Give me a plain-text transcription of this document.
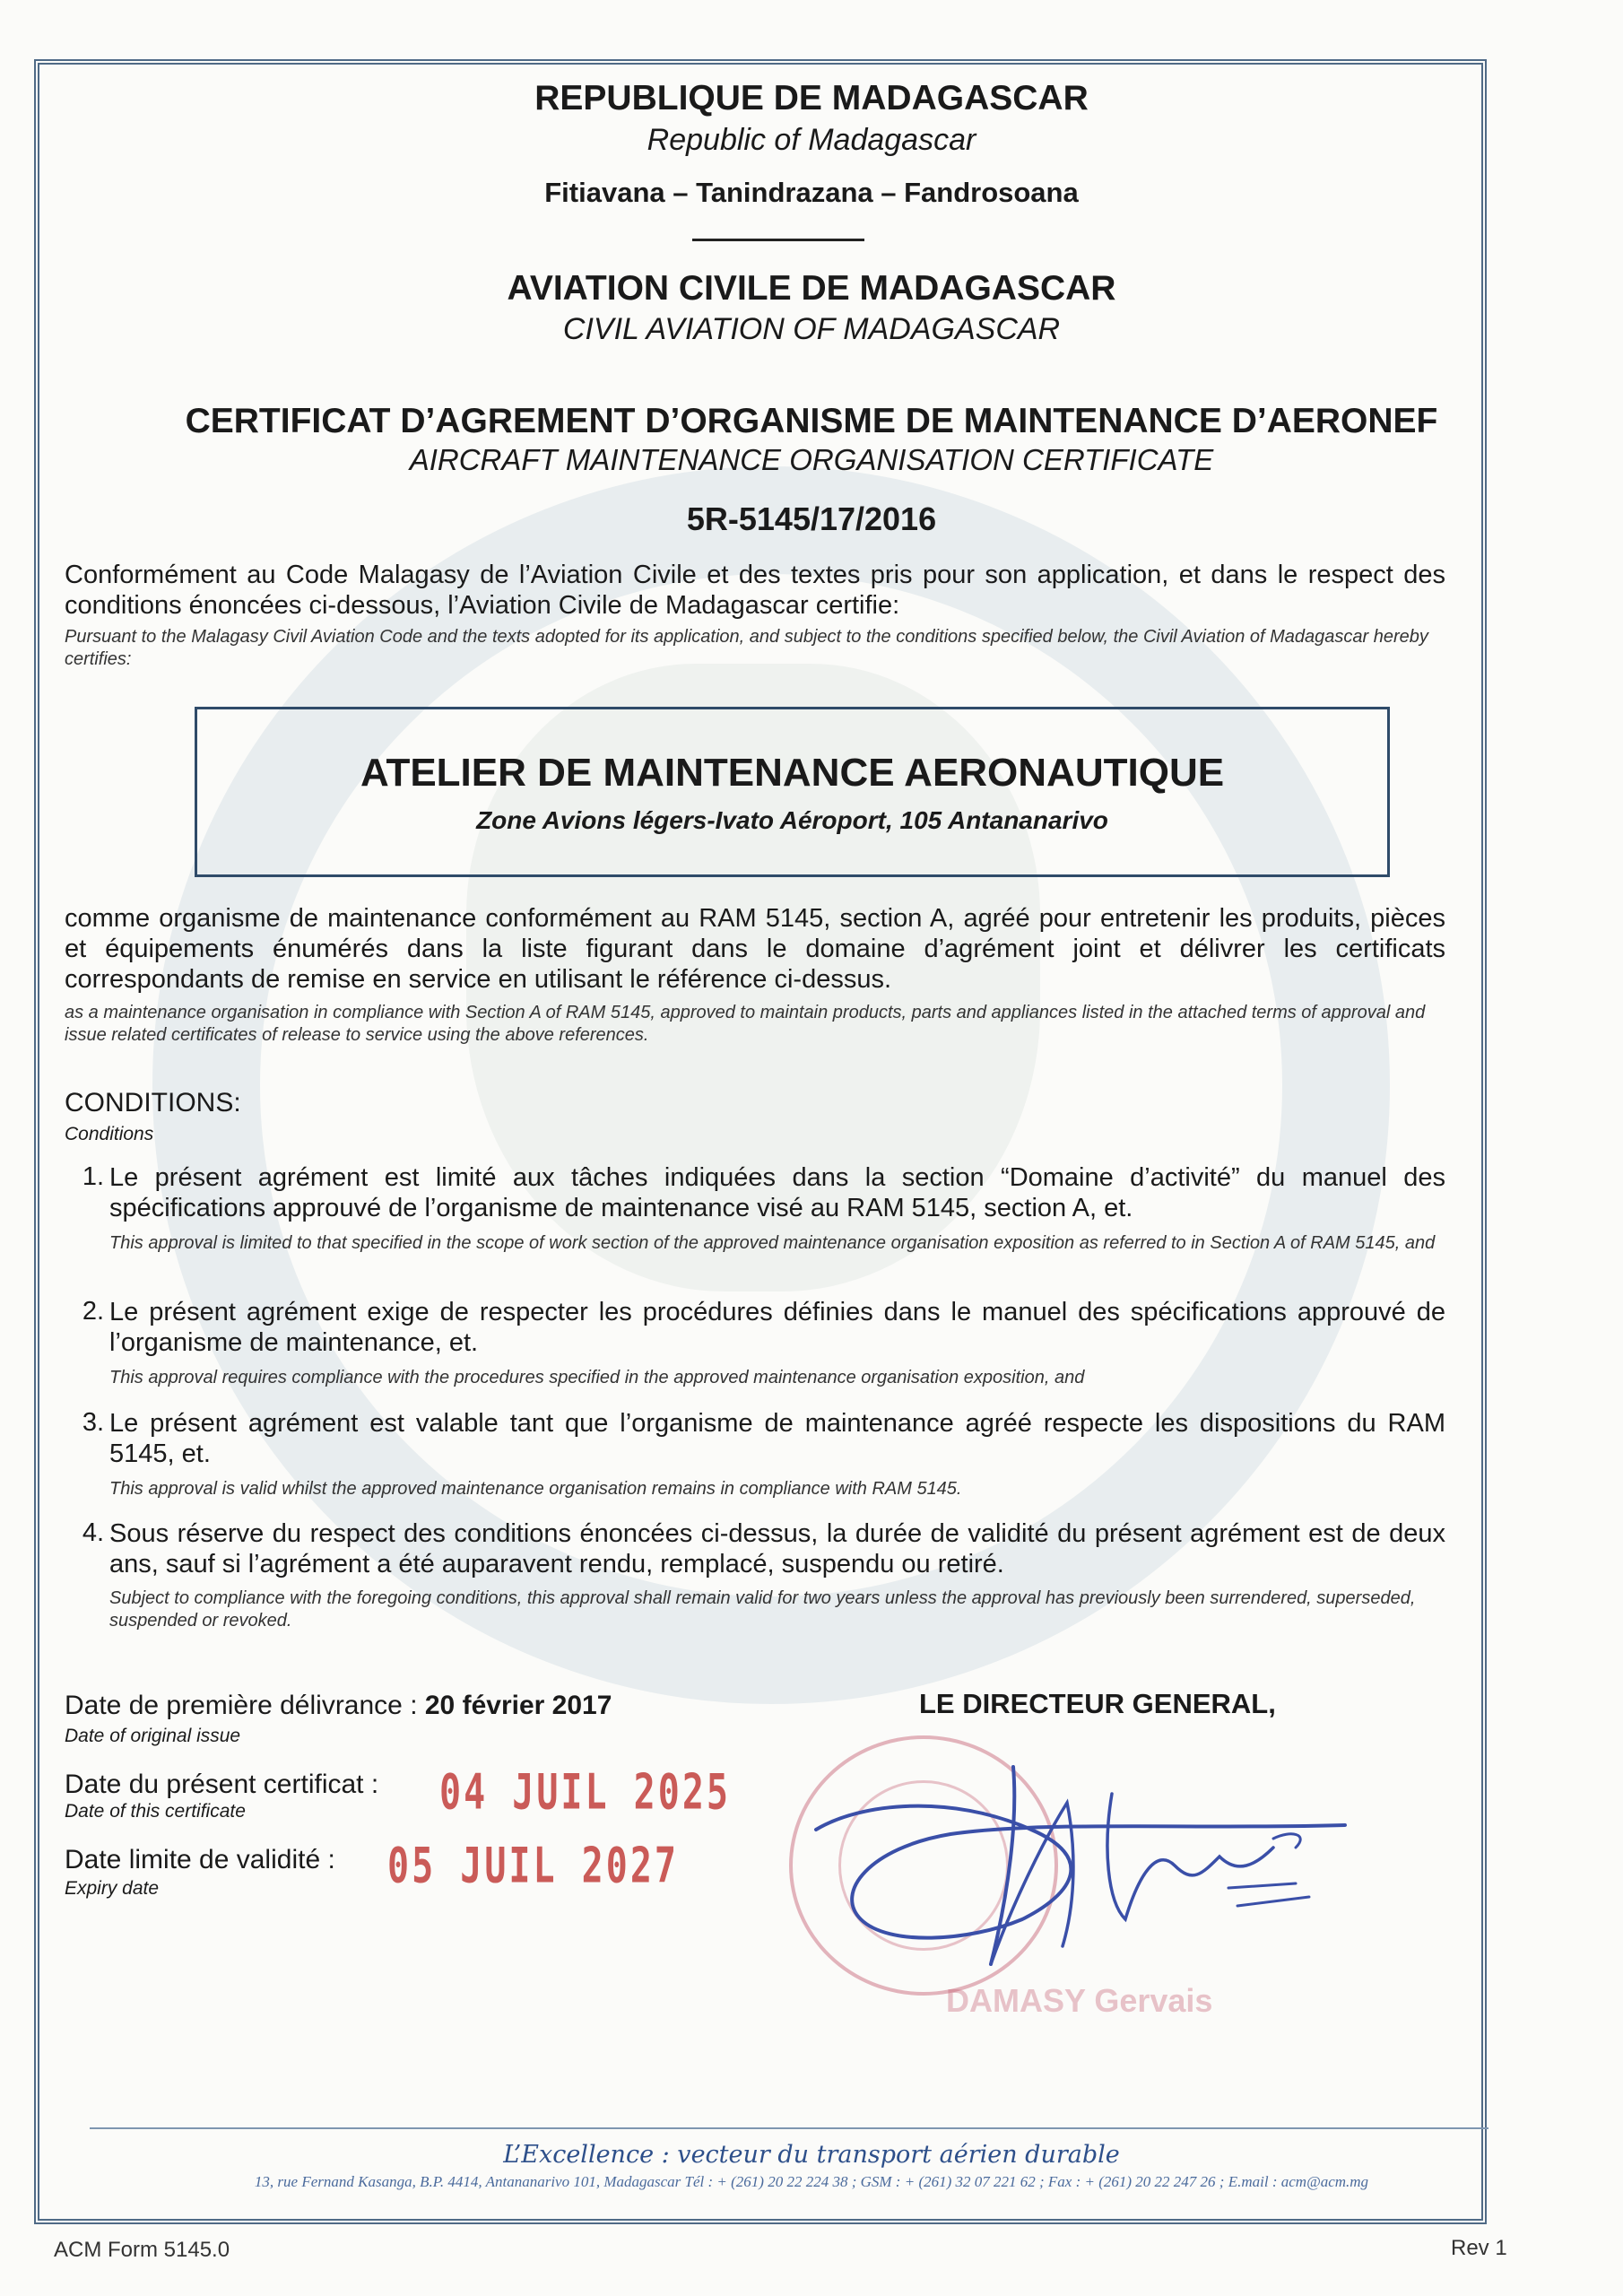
REPUBLIQUE DE MADAGASCAR
Republic of Madagascar
Fitiavana – Tanindrazana – Fandrosoana
AVIATION CIVILE DE MADAGASCAR
CIVIL AVIATION OF MADAGASCAR
CERTIFICAT D’AGREMENT D’ORGANISME DE MAINTENANCE D’AERONEF
AIRCRAFT MAINTENANCE ORGANISATION CERTIFICATE
5R-5145/17/2016
Conformément au Code Malagasy de l’Aviation Civile et des textes pris pour son application, et dans le respect des conditions énoncées ci-dessous, l’Aviation Civile de Madagascar certifie:
Pursuant to the Malagasy Civil Aviation Code and the texts adopted for its application, and subject to the conditions specified below, the Civil Aviation of Madagascar hereby certifies:
ATELIER DE MAINTENANCE AERONAUTIQUE
Zone Avions légers-Ivato Aéroport, 105 Antananarivo
comme organisme de maintenance conformément au RAM 5145, section A, agréé pour entretenir les produits, pièces et équipements énumérés dans la liste figurant dans le domaine d’agrément joint et délivrer les certificats correspondants de remise en service en utilisant le référence ci-dessus.
as a maintenance organisation in compliance with Section A of RAM 5145, approved to maintain products, parts and appliances listed in the attached terms of approval and issue related certificates of release to service using the above references.
CONDITIONS:
Conditions
1. Le présent agrément est limité aux tâches indiquées dans la section “Domaine d’activité” du manuel des spécifications approuvé de l’organisme de maintenance visé au RAM 5145, section A, et.
This approval is limited to that specified in the scope of work section of the approved maintenance organisation exposition as referred to in Section A of RAM 5145, and
2. Le présent agrément exige de respecter les procédures définies dans le manuel des spécifications approuvé de l’organisme de maintenance, et.
This approval requires compliance with the procedures specified in the approved maintenance organisation exposition, and
3. Le présent agrément est valable tant que l’organisme de maintenance agréé respecte les dispositions du RAM 5145, et.
This approval is valid whilst the approved maintenance organisation remains in compliance with RAM 5145.
4. Sous réserve du respect des conditions énoncées ci-dessus, la durée de validité du présent agrément est de deux ans, sauf si l’agrément a été auparavent rendu, remplacé, suspendu ou retiré.
Subject to compliance with the foregoing conditions, this approval shall remain valid for two years unless the approval has previously been surrendered, superseded, suspended or revoked.
Date de première délivrance : 20 février 2017
Date of original issue
Date du présent certificat : 04 JUIL 2025
Date of this certificate
Date limite de validité : 05 JUIL 2027
Expiry date
LE DIRECTEUR GENERAL,
DAMASY Gervais
L’Excellence : vecteur du transport aérien durable
13, rue Fernand Kasanga, B.P. 4414, Antananarivo 101, Madagascar Tél : + (261) 20 22 224 38 ; GSM : + (261) 32 07 221 62 ; Fax : + (261) 20 22 247 26 ; E.mail : acm@acm.mg
ACM Form 5145.0	Rev 1
